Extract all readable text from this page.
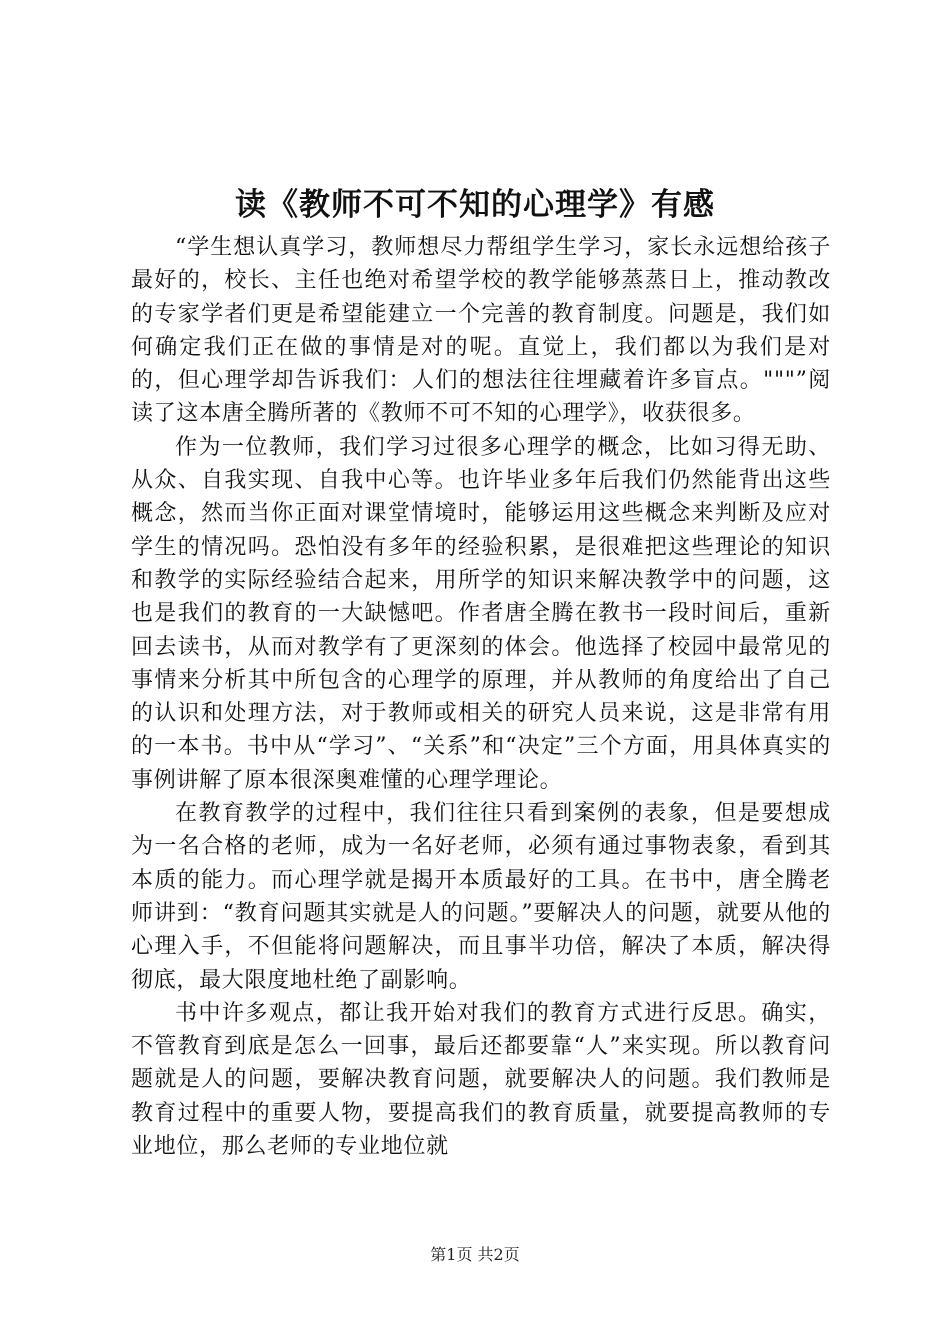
读《教师不可不知的心理学》有感

“学生想认真学习，教师想尽力帮组学生学习，家长永远想给孩子最好的，校长、主任也绝对希望学校的教学能够蒸蒸日上，推动教改的专家学者们更是希望能建立一个完善的教育制度。问题是，我们如何确定我们正在做的事情是对的呢。直觉上，我们都以为我们是对的，但心理学却告诉我们：人们的想法往往埋藏着许多盲点。"""”阅读了这本唐全腾所著的《教师不可不知的心理学》，收获很多。

作为一位教师，我们学习过很多心理学的概念，比如习得无助、从众、自我实现、自我中心等。也许毕业多年后我们仍然能背出这些概念，然而当你正面对课堂情境时，能够运用这些概念来判断及应对学生的情况吗。恐怕没有多年的经验积累，是很难把这些理论的知识和教学的实际经验结合起来，用所学的知识来解决教学中的问题，这也是我们的教育的一大缺憾吧。作者唐全腾在教书一段时间后，重新回去读书，从而对教学有了更深刻的体会。他选择了校园中最常见的事情来分析其中所包含的心理学的原理，并从教师的角度给出了自己的认识和处理方法，对于教师或相关的研究人员来说，这是非常有用的一本书。书中从“学习”、“关系”和“决定”三个方面，用具体真实的事例讲解了原本很深奥难懂的心理学理论。

在教育教学的过程中，我们往往只看到案例的表象，但是要想成为一名合格的老师，成为一名好老师，必须有通过事物表象，看到其本质的能力。而心理学就是揭开本质最好的工具。在书中，唐全腾老师讲到：“教育问题其实就是人的问题。”要解决人的问题，就要从他的心理入手，不但能将问题解决，而且事半功倍，解决了本质，解决得彻底，最大限度地杜绝了副影响。

书中许多观点，都让我开始对我们的教育方式进行反思。确实，不管教育到底是怎么一回事，最后还都要靠“人”来实现。所以教育问题就是人的问题，要解决教育问题，就要解决人的问题。我们教师是教育过程中的重要人物，要提高我们的教育质量，就要提高教师的专业地位，那么老师的专业地位就

第1页 共2页
